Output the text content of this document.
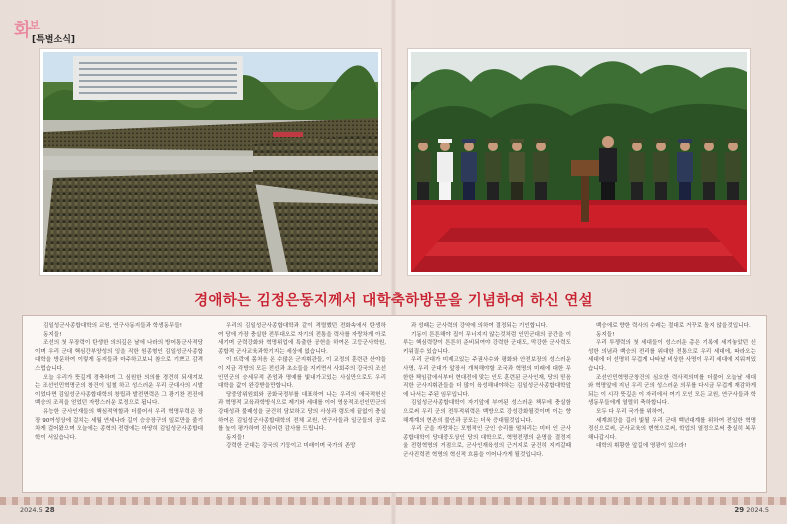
화$^보$
[특별소식]
경애하는 김정은동지께서 대학축하방문을 기념하여 하신 연설

김일성군사종합대학의 교원, 연구사동지들과 학생동무들!

동지들!

조선의 첫 무장력이 탄생한 의의깊은 날에 나라의 방어통군사적당이며 우리 군대 핵심간부양성의 잉을 직한 원종형인 김일성군사종합대학을 방문하여 이렇게 동지들과 마주하고보니 참으로 기쁘고 감격스럽습니다.

오늘 우리가 뜻깊게 경축하며 그 심원한 의의를 경견히 되새겨보는 조선인민혁명군의 창건이 일철 하고 성스러운 우리 군대사의 시발이었다면 김일성군사종합대학의 창립과 발전면력은 그 광기찬 전진에 백승의 조직을 얻었던 자랑스러운 로정으로 됩니다.

유능한 군사인재들의 핵심적역할과 더불어서 우리 혁명무력은 장장 90여성상에 걸치는 세월 연세나라 길이 승승장구의 일로만을 줄기차게 걸어왔으며 오늘에는 종혁의 전령에는 마땅히 김일성군사종합대학이 서있습니다.

우리의 김일성군사종합대학과 같이 격렬했던 전화속에서 탄생하여 당에 가장 충실한 전투대오로 자기의 전통을 력사를 자랑차게 아로새기며 군력강화와 혁명위업에 특출한 공헌을 하여온 고등군사학원, 종합적 군사교육과학기지는 세상에 없습니다.

이 뜨락에 몸처음 온 수많은 군지휘관들, 이 교정의 훈련관 산야들이 지금 각방의 모든 전선과 초소들을 지키면서 사회주의 강국의 조선인민군의 승세무적 존엄과 명예를 빛내가고있는 사실만으로도 우리 대학을 값이 완강받을만합니다.

당중앙위원회와 공화국정부를 대표하여 나는 우리의 애국적헌신과 혁명적 교육과학방식으로 제기와 세대를 이어 영웅적조선인민군의 강대성과 불패성을 굳건히 담보하고 당의 사상과 령도에 끝없이 충실하여온 김일성군사종합대학의 전체 교원, 연구사들과 일군들의 공로를 높이 평가하며 진심어린 감사를 드립니다.

동지들!

강력한 군대는 강국의 기둥이고 미래이며 국가의 존망

과 성패는 군사력의 강약에 의하여 결정되는 기인합니다.

기동이 튼튼해야 집이 무너지지 않는것처럼 인민군대의 공간을 이루는 핵심력량이 튼튼히 준비되여야 강력한 군대도, 막강한 군사력도 키워질수 있습니다.

우리 군대가 미제고있는 주권사수와 평화와 안전보장의 성스러운 사명, 우리 군대가 앞장서 개척해야할 조국과 혁명의 미래에 대한 무한한 책임감에서부터 현대전에 맞는 인도 훈련된 군사인재, 당의 믿음직한 군사지휘관들을 더 많이 육성해내야하는 김일성군사종합대학앞에 나서는 주된 임무입니다.

김일성군사종합대학이 자기앞에 부여된 성스러운 책무에 충실함으로써 우리 군의 전투적위력은 백방으로 강성강화될것이며 이는 향해계계의 현존의 불안과 공포는 더욱 증대될것입니다.

우리 군을 자랑차는 모범적인 군인 승리를 떨쳐리는 미터 인 군사종합대학이 당대중도상인 당의 대학으로, 혁명전쟁의 운명을 결정지울 전령혁명의 거점으로, 군사인재육성의 근거지로 굳건히 지켜갈때 군사진력전 혁명의 혁신적 흐름을 이어나가게 될것입니다.

백승에로 향한 력사의 수레는 절대로 거꾸로 돌지 않을것입니다.

동지들!

우리 투쟁력의 첫 세대들이 성스러운 총은 기록에 세겨놓았던 신성한 의념과 백승의 전리를 위대한 전통으로 우리 세대에, 따라오는 세대에 더 선명히 무겁게 나타날 비상한 사명이 우리 세대에 지워져있습니다.

조선인민혁명군창건의 심오한 력사적의미를 더불어 오늘날 새대와 혁명앞에 지닌 우리 군의 성스러운 의무를 다시금 무겁게 재감하게 되는 이 시각 뜻깊은 이 자리에서 여기 모인 모든 교원, 연구사들과 학생동무들에게 열렬히 축하합니다.

모두 다 우리 국가를 위하여,

세계최강을 길러 빛될 우리 군대 백년대계를 위하여 전일한 혁명정신으로써, 군사교육의 변혁으로써, 학업의 열정으로써 충실히 복무해나갑시다.

대학의 휘황한 앞길에 영광이 있으라!

2024.5 28	29 2024.5
